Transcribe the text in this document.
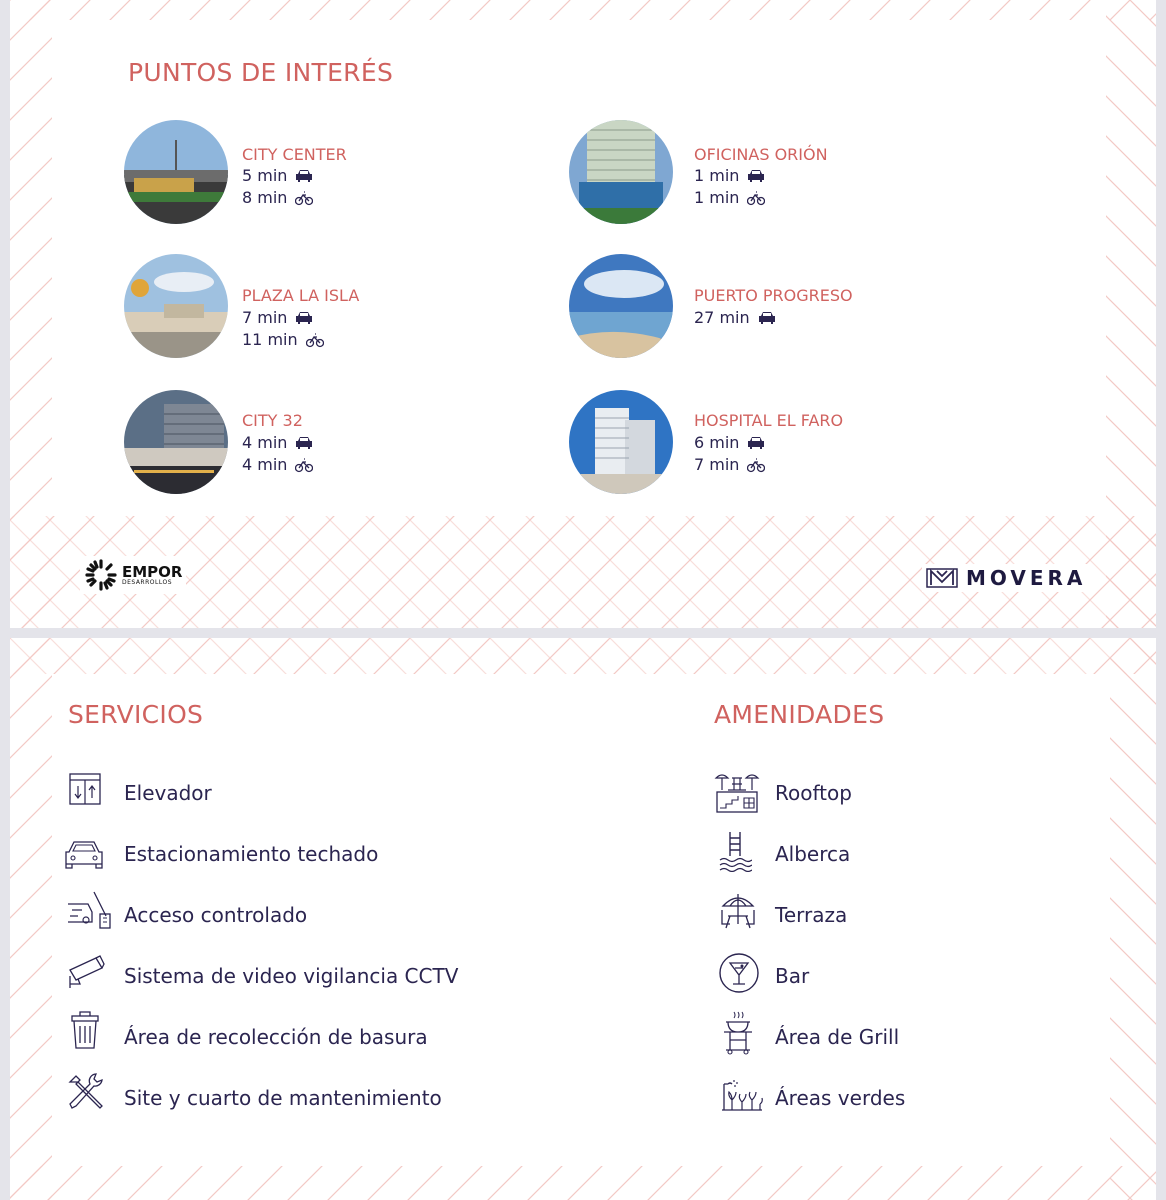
PUNTOS DE INTERÉS
CITY CENTER
5 min
8 min
OFICINAS ORIÓN
1 min
1 min
PLAZA LA ISLA
7 min
11 min
PUERTO PROGRESO
27 min
CITY 32
4 min
4 min
HOSPITAL EL FARO
6 min
7 min
EMPOR
DESARROLLOS	MOVERA
SERVICIOS	AMENIDADES
Elevador
Estacionamiento techado
Acceso controlado
Sistema de video vigilancia CCTV
Área de recolección de basura
Site y cuarto de mantenimiento
Rooftop
Alberca
Terraza
Bar
Área de Grill
Áreas verdes
